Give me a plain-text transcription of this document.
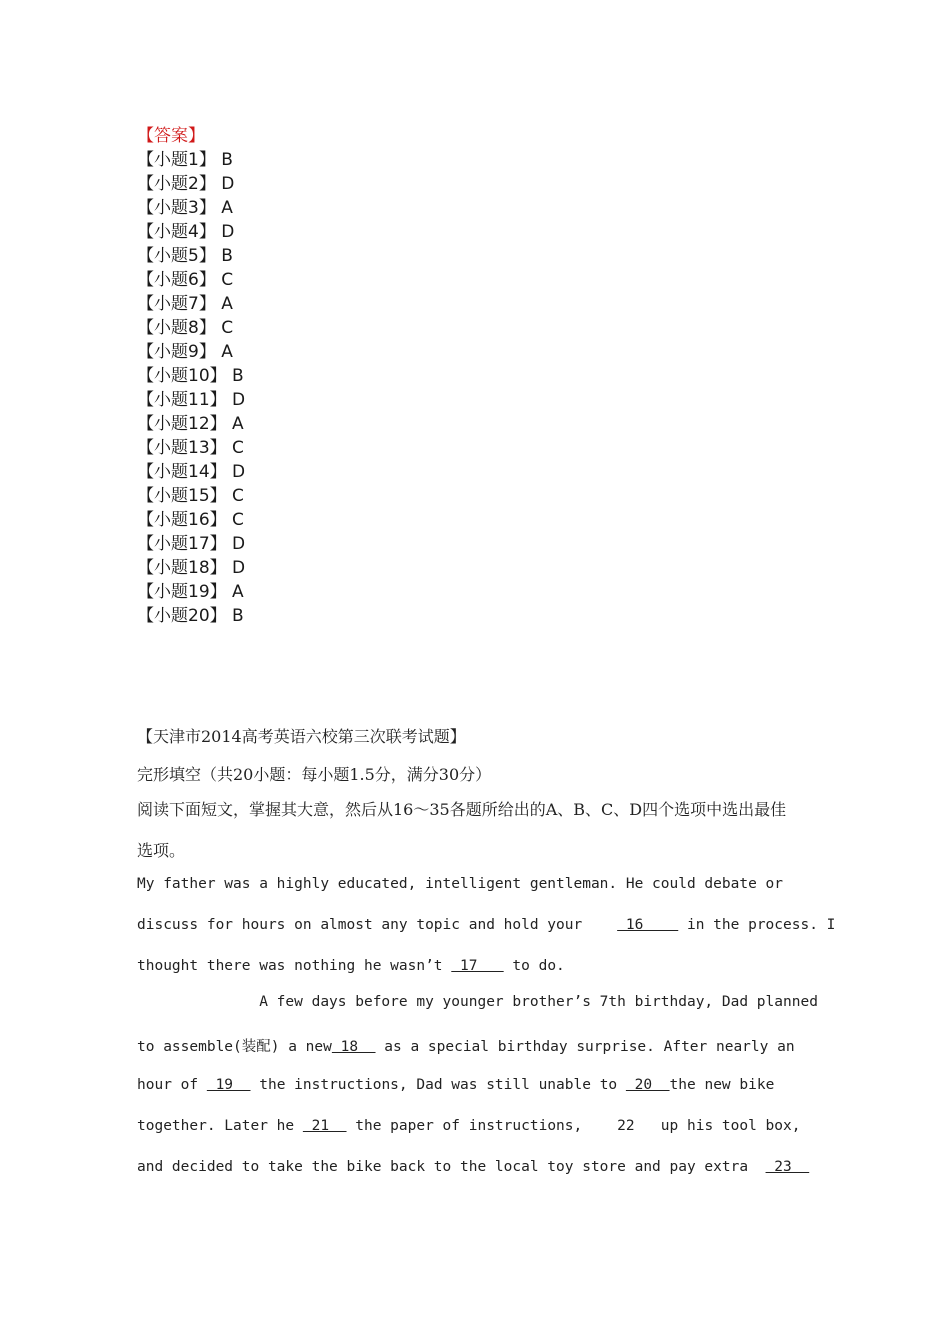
【答案】
【小题1】 B
【小题2】 D
【小题3】 A
【小题4】 D
【小题5】 B
【小题6】 C
【小题7】 A
【小题8】 C
【小题9】 A
【小题10】 B
【小题11】 D
【小题12】 A
【小题13】 C
【小题14】 D
【小题15】 C
【小题16】 C
【小题17】 D
【小题18】 D
【小题19】 A
【小题20】 B
【天津市2014高考英语六校第三次联考试题】
完形填空（共20小题：每小题1.5分，满分30分）
阅读下面短文，掌握其大意，然后从16～35各题所给出的A、B、C、D四个选项中选出最佳
选项。
My father was a highly educated, intelligent gentleman. He could debate or
discuss for hours on almost any topic and hold your     16     in the process. I
thought there was nothing he wasn’t  17    to do.
A few days before my younger brother’s 7th birthday, Dad planned
to assemble(装配) a new 18   as a special birthday surprise. After nearly an
hour of  19   the instructions, Dad was still unable to  20  the new bike
together. Later he  21   the paper of instructions,    22   up his tool box,
and decided to take the bike back to the local toy store and pay extra   23
